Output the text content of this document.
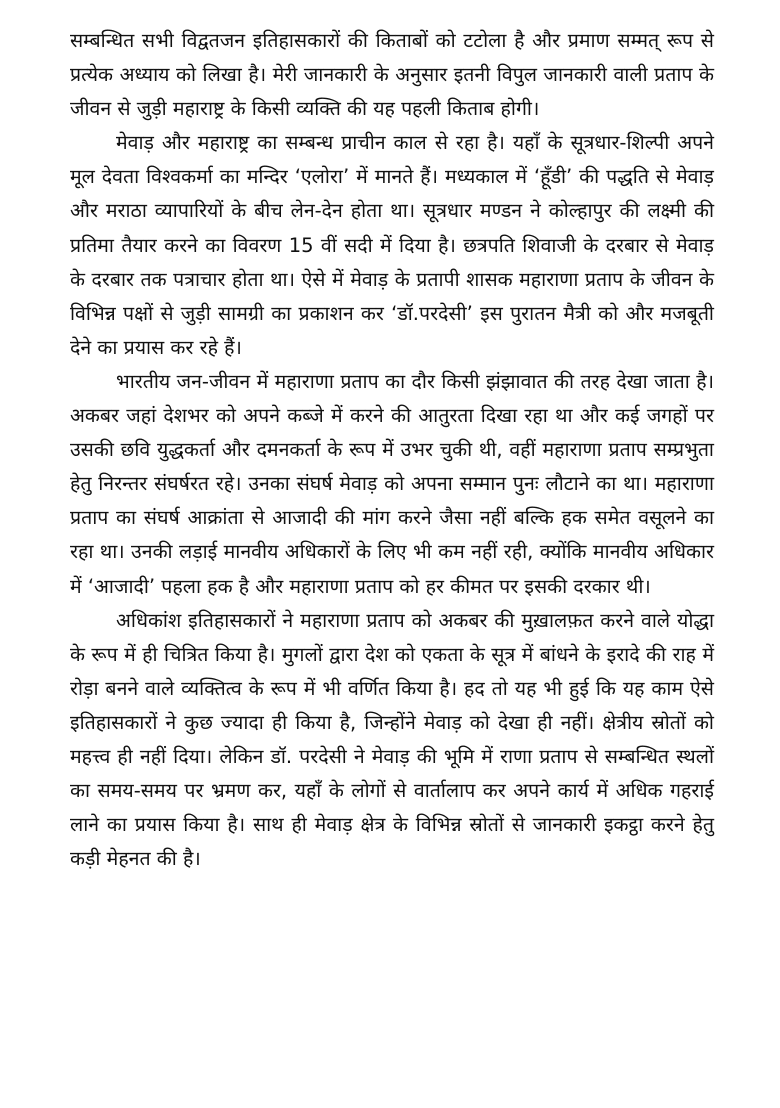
सम्बन्धित सभी विद्वतजन इतिहासकारों की किताबों को टटोला है और प्रमाण सम्मत् रूप से प्रत्येक अध्याय को लिखा है। मेरी जानकारी के अनुसार इतनी विपुल जानकारी वाली प्रताप के जीवन से जुड़ी महाराष्ट्र के किसी व्यक्ति की यह पहली किताब होगी।

मेवाड़ और महाराष्ट्र का सम्बन्ध प्राचीन काल से रहा है। यहाँ के सूत्रधार-शिल्पी अपने मूल देवता विश्वकर्मा का मन्दिर ‘एलोरा’ में मानते हैं। मध्यकाल में ‘हूँडी’ की पद्धति से मेवाड़ और मराठा व्यापारियों के बीच लेन-देन होता था। सूत्रधार मण्डन ने कोल्हापुर की लक्ष्मी की प्रतिमा तैयार करने का विवरण 15 वीं सदी में दिया है। छत्रपति शिवाजी के दरबार से मेवाड़ के दरबार तक पत्राचार होता था। ऐसे में मेवाड़ के प्रतापी शासक महाराणा प्रताप के जीवन के विभिन्न पक्षों से जुड़ी सामग्री का प्रकाशन कर ‘डॉ.परदेसी’ इस पुरातन मैत्री को और मजबूती देने का प्रयास कर रहे हैं।

भारतीय जन-जीवन में महाराणा प्रताप का दौर किसी झंझावात की तरह देखा जाता है। अकबर जहां देशभर को अपने कब्जे में करने की आतुरता दिखा रहा था और कई जगहों पर उसकी छवि युद्धकर्ता और दमनकर्ता के रूप में उभर चुकी थी, वहीं महाराणा प्रताप सम्प्रभुता हेतु निरन्तर संघर्षरत रहे। उनका संघर्ष मेवाड़ को अपना सम्मान पुनः लौटाने का था। महाराणा प्रताप का संघर्ष आक्रांता से आजादी की मांग करने जैसा नहीं बल्कि हक समेत वसूलने का रहा था। उनकी लड़ाई मानवीय अधिकारों के लिए भी कम नहीं रही, क्योंकि मानवीय अधिकार में ‘आजादी’ पहला हक है और महाराणा प्रताप को हर कीमत पर इसकी दरकार थी।

अधिकांश इतिहासकारों ने महाराणा प्रताप को अकबर की मुख़ालफ़त करने वाले योद्धा के रूप में ही चित्रित किया है। मुगलों द्वारा देश को एकता के सूत्र में बांधने के इरादे की राह में रोड़ा बनने वाले व्यक्तित्व के रूप में भी वर्णित किया है। हद तो यह भी हुई कि यह काम ऐसे इतिहासकारों ने कुछ ज्यादा ही किया है, जिन्होंने मेवाड़ को देखा ही नहीं। क्षेत्रीय स्रोतों को महत्त्व ही नहीं दिया। लेकिन डॉ. परदेसी ने मेवाड़ की भूमि में राणा प्रताप से सम्बन्धित स्थलों का समय-समय पर भ्रमण कर, यहाँ के लोगों से वार्तालाप कर अपने कार्य में अधिक गहराई लाने का प्रयास किया है। साथ ही मेवाड़ क्षेत्र के विभिन्न स्रोतों से जानकारी इकट्ठा करने हेतु कड़ी मेहनत की है।
